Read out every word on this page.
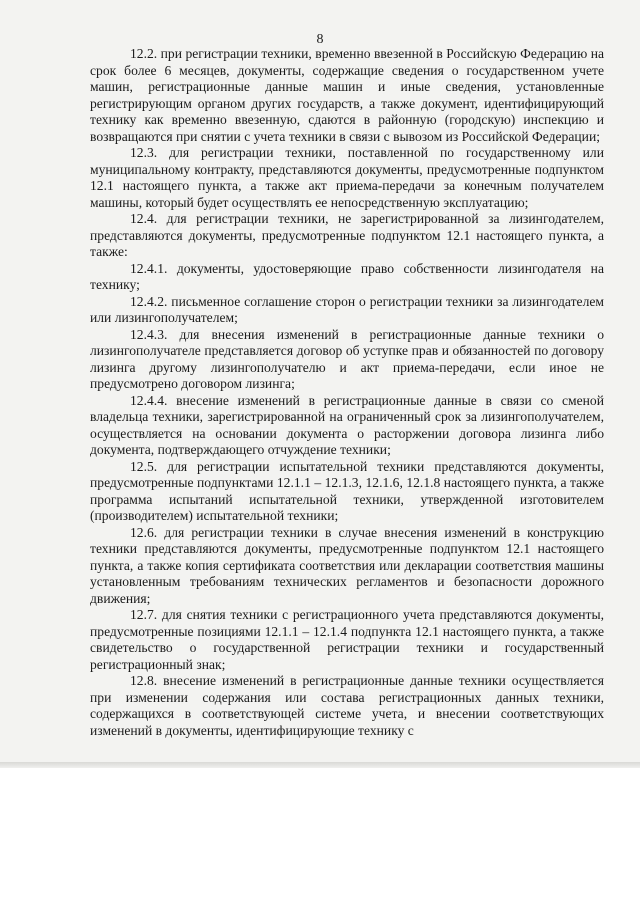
8

12.2. при регистрации техники, временно ввезенной в Российскую Федерацию на срок более 6 месяцев, документы, содержащие сведения о государственном учете машин, регистрационные данные машин и иные сведения, установленные регистрирующим органом других государств, а также документ, идентифицирующий технику как временно ввезенную, сдаются в районную (городскую) инспекцию и возвращаются при снятии с учета техники в связи с вывозом из Российской Федерации;

12.3. для регистрации техники, поставленной по государственному или муниципальному контракту, представляются документы, предусмотренные подпунктом 12.1 настоящего пункта, а также акт приема-передачи за конечным получателем машины, который будет осуществлять ее непосредственную эксплуатацию;

12.4. для регистрации техники, не зарегистрированной за лизингодателем, представляются документы, предусмотренные подпунктом 12.1 настоящего пункта, а также:

12.4.1. документы, удостоверяющие право собственности лизингодателя на технику;

12.4.2. письменное соглашение сторон о регистрации техники за лизингодателем или лизингополучателем;

12.4.3. для внесения изменений в регистрационные данные техники о лизингополучателе представляется договор об уступке прав и обязанностей по договору лизинга другому лизингополучателю и акт приема-передачи, если иное не предусмотрено договором лизинга;

12.4.4. внесение изменений в регистрационные данные в связи со сменой владельца техники, зарегистрированной на ограниченный срок за лизингополучателем, осуществляется на основании документа о расторжении договора лизинга либо документа, подтверждающего отчуждение техники;

12.5. для регистрации испытательной техники представляются документы, предусмотренные подпунктами 12.1.1 – 12.1.3, 12.1.6, 12.1.8 настоящего пункта, а также программа испытаний испытательной техники, утвержденной изготовителем (производителем) испытательной техники;

12.6. для регистрации техники в случае внесения изменений в конструкцию техники представляются документы, предусмотренные подпунктом 12.1 настоящего пункта, а также копия сертификата соответствия или декларации соответствия машины установленным требованиям технических регламентов и безопасности дорожного движения;

12.7. для снятия техники с регистрационного учета представляются документы, предусмотренные позициями 12.1.1 – 12.1.4 подпункта 12.1 настоящего пункта, а также свидетельство о государственной регистрации техники и государственный регистрационный знак;

12.8. внесение изменений в регистрационные данные техники осуществляется при изменении содержания или состава регистрационных данных техники, содержащихся в соответствующей системе учета, и внесении соответствующих изменений в документы, идентифицирующие технику с
